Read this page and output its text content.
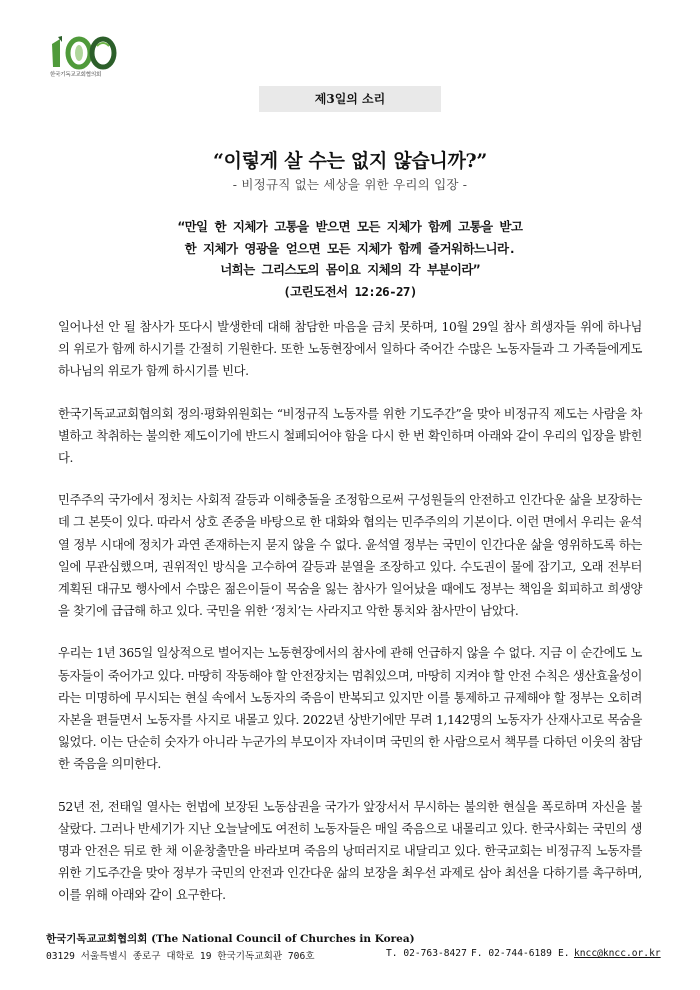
한국기독교교회협의회
제3일의 소리
“이렇게 살 수는 없지 않습니까?”
- 비정규직 없는 세상을 위한 우리의 입장 -
“만일 한 지체가 고통을 받으면 모든 지체가 함께 고통을 받고
한 지체가 영광을 얻으면 모든 지체가 함께 즐거워하느니라.
너희는 그리스도의 몸이요 지체의 각 부분이라”
(고린도전서 12:26-27)

일어나선 안 될 참사가 또다시 발생한데 대해 참담한 마음을 금치 못하며, 10월 29일 참사 희생자들 위에 하나님의 위로가 함께 하시기를 간절히 기원한다. 또한 노동현장에서 일하다 죽어간 수많은 노동자들과 그 가족들에게도 하나님의 위로가 함께 하시기를 빈다.

한국기독교교회협의회 정의·평화위원회는 “비정규직 노동자를 위한 기도주간”을 맞아 비정규직 제도는 사람을 차별하고 착취하는 불의한 제도이기에 반드시 철폐되어야 함을 다시 한 번 확인하며 아래와 같이 우리의 입장을 밝힌다.

민주주의 국가에서 정치는 사회적 갈등과 이해충돌을 조정함으로써 구성원들의 안전하고 인간다운 삶을 보장하는 데 그 본뜻이 있다. 따라서 상호 존중을 바탕으로 한 대화와 협의는 민주주의의 기본이다. 이런 면에서 우리는 윤석열 정부 시대에 정치가 과연 존재하는지 묻지 않을 수 없다. 윤석열 정부는 국민이 인간다운 삶을 영위하도록 하는 일에 무관심했으며, 권위적인 방식을 고수하여 갈등과 분열을 조장하고 있다. 수도권이 물에 잠기고, 오래 전부터 계획된 대규모 행사에서 수많은 젊은이들이 목숨을 잃는 참사가 일어났을 때에도 정부는 책임을 회피하고 희생양을 찾기에 급급해 하고 있다. 국민을 위한 ‘정치’는 사라지고 악한 통치와 참사만이 남았다.

우리는 1년 365일 일상적으로 벌어지는 노동현장에서의 참사에 관해 언급하지 않을 수 없다. 지금 이 순간에도 노동자들이 죽어가고 있다. 마땅히 작동해야 할 안전장치는 멈춰있으며, 마땅히 지켜야 할 안전 수칙은 생산효율성이라는 미명하에 무시되는 현실 속에서 노동자의 죽음이 반복되고 있지만 이를 통제하고 규제해야 할 정부는 오히려 자본을 편들면서 노동자를 사지로 내몰고 있다. 2022년 상반기에만 무려 1,142명의 노동자가 산재사고로 목숨을 잃었다. 이는 단순히 숫자가 아니라 누군가의 부모이자 자녀이며 국민의 한 사람으로서 책무를 다하던 이웃의 참담한 죽음을 의미한다.

52년 전, 전태일 열사는 헌법에 보장된 노동삼권을 국가가 앞장서서 무시하는 불의한 현실을 폭로하며 자신을 불살랐다. 그러나 반세기가 지난 오늘날에도 여전히 노동자들은 매일 죽음으로 내몰리고 있다. 한국사회는 국민의 생명과 안전은 뒤로 한 채 이윤창출만을 바라보며 죽음의 낭떠러지로 내달리고 있다. 한국교회는 비정규직 노동자를 위한 기도주간을 맞아 정부가 국민의 안전과 인간다운 삶의 보장을 최우선 과제로 삼아 최선을 다하기를 촉구하며, 이를 위해 아래와 같이 요구한다.

한국기독교교회협의회 (The National Council of Churches in Korea)
03129 서울특별시 종로구 대학로 19 한국기독교회관 706호	T. 02-763-8427 F. 02-744-6189 E. kncc@kncc.or.kr
